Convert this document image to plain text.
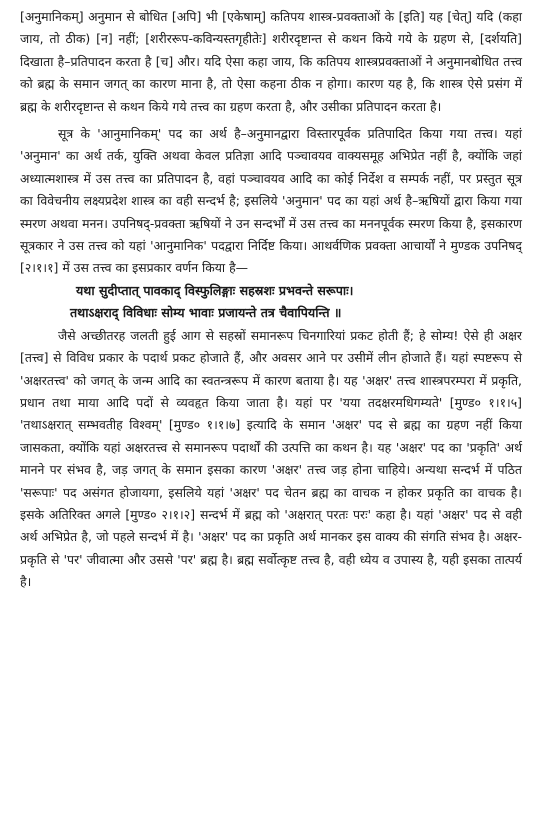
[अनुमानिकम्] अनुमान से बोधित [अपि] भी [एकेषाम्] कतिपय शास्त्र-प्रवक्ताओं के [इति] यह [चेत्] यदि (कहा जाय, तो ठीक) [न] नहीं; [शरीररूप-कविन्यस्तगृहीतेः] शरीरदृष्टान्त से कथन किये गये के ग्रहण से, [दर्शयति] दिखाता है–प्रतिपादन करता है [च] और। यदि ऐसा कहा जाय, कि कतिपय शास्त्रप्रवक्ताओं ने अनुमानबोधित तत्त्व को ब्रह्म के समान जगत् का कारण माना है, तो ऐसा कहना ठीक न होगा। कारण यह है, कि शास्त्र ऐसे प्रसंग में ब्रह्म के शरीरदृष्टान्त से कथन किये गये तत्त्व का ग्रहण करता है, और उसीका प्रतिपादन करता है।

सूत्र के 'आनुमानिकम्' पद का अर्थ है–अनुमानद्वारा विस्तारपूर्वक प्रतिपादित किया गया तत्त्व। यहां 'अनुमान' का अर्थ तर्क, युक्ति अथवा केवल प्रतिज्ञा आदि पञ्चावयव वाक्यसमूह अभिप्रेत नहीं है, क्योंकि जहां अध्यात्मशास्त्र में उस तत्त्व का प्रतिपादन है, वहां पञ्चावयव आदि का कोई निर्देश व सम्पर्क नहीं, पर प्रस्तुत सूत्र का विवेचनीय लक्ष्यप्रदेश शास्त्र का वही सन्दर्भ है; इसलिये 'अनुमान' पद का यहां अर्थ है–ऋषियों द्वारा किया गया स्मरण अथवा मनन। उपनिषद्-प्रवक्ता ऋषियों ने उन सन्दर्भों में उस तत्त्व का मननपूर्वक स्मरण किया है, इसकारण सूत्रकार ने उस तत्त्व को यहां 'आनुमानिक' पदद्वारा निर्दिष्ट किया। आथर्वणिक प्रवक्ता आचार्यों ने मुण्डक उपनिषद् [२।१।१] में उस तत्त्व का इसप्रकार वर्णन किया है—

यथा सुदीप्तात् पावकाद् विस्फुलिङ्गाः सहस्रशः प्रभवन्ते सरूपाः।

तथाऽक्षराद् विविधाः सोम्य भावाः प्रजायन्ते तत्र चैवापियन्ति ॥

जैसे अच्छीतरह जलती हुई आग से सहस्रों समानरूप चिनगारियां प्रकट होती हैं; हे सोम्य! ऐसे ही अक्षर [तत्त्व] से विविध प्रकार के पदार्थ प्रकट होजाते हैं, और अवसर आने पर उसीमें लीन होजाते हैं। यहां स्पष्टरूप से 'अक्षरतत्त्व' को जगत् के जन्म आदि का स्वतन्त्ररूप में कारण बताया है। यह 'अक्षर' तत्त्व शास्त्रपरम्परा में प्रकृति, प्रधान तथा माया आदि पदों से व्यवहृत किया जाता है। यहां पर 'यया तदक्षरमधिगम्यते' [मुण्ड० १।१।५] 'तथाऽक्षरात् सम्भवतीह विश्वम्' [मुण्ड० १।१।७] इत्यादि के समान 'अक्षर' पद से ब्रह्म का ग्रहण नहीं किया जासकता, क्योंकि यहां अक्षरतत्त्व से समानरूप पदार्थों की उत्पत्ति का कथन है। यह 'अक्षर' पद का 'प्रकृति' अर्थ मानने पर संभव है, जड़ जगत् के समान इसका कारण 'अक्षर' तत्त्व जड़ होना चाहिये। अन्यथा सन्दर्भ में पठित 'सरूपाः' पद असंगत होजायगा, इसलिये यहां 'अक्षर' पद चेतन ब्रह्म का वाचक न होकर प्रकृति का वाचक है। इसके अतिरिक्त अगले [मुण्ड० २।१।२] सन्दर्भ में ब्रह्म को 'अक्षरात् परतः परः' कहा है। यहां 'अक्षर' पद से वही अर्थ अभिप्रेत है, जो पहले सन्दर्भ में है। 'अक्षर' पद का प्रकृति अर्थ मानकर इस वाक्य की संगति संभव है। अक्षर-प्रकृति से 'पर' जीवात्मा और उससे 'पर' ब्रह्म है। ब्रह्म सर्वोत्कृष्ट तत्त्व है, वही ध्येय व उपास्य है, यही इसका तात्पर्य है।
